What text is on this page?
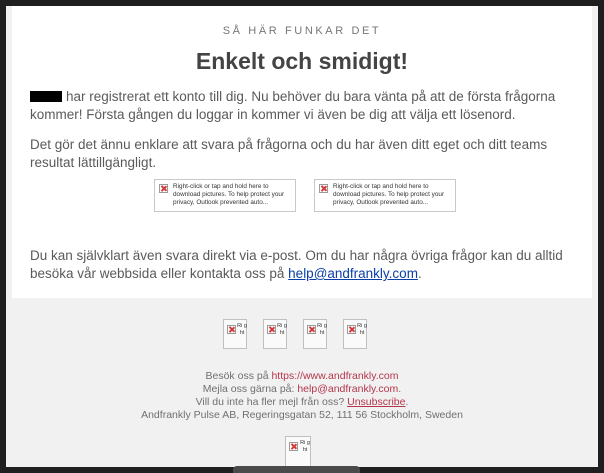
SÅ HÄR FUNKAR DET
Enkelt och smidigt!
har registrerat ett konto till dig. Nu behöver du bara vänta på att de första frågorna kommer! Första gången du loggar in kommer vi även be dig att välja ett lösenord.
Det gör det ännu enklare att svara på frågorna och du har även ditt eget och ditt teams resultat lättillgängligt.
Right-click or tap and hold here to download pictures. To help protect your privacy, Outlook prevented auto...
Right-click or tap and hold here to download pictures. To help protect your privacy, Outlook prevented auto...
Du kan självklart även svara direkt via e-post. Om du har några övriga frågor kan du alltid besöka vår webbsida eller kontakta oss på help@andfrankly.com.
Ri g ht
Ri g ht
Ri g ht
Ri g ht
Besök oss på https://www.andfrankly.com
Mejla oss gärna på: help@andfrankly.com.
Vill du inte ha fler mejl från oss? Unsubscribe.
Andfrankly Pulse AB, Regeringsgatan 52, 111 56 Stockholm, Sweden
Ri g ht
